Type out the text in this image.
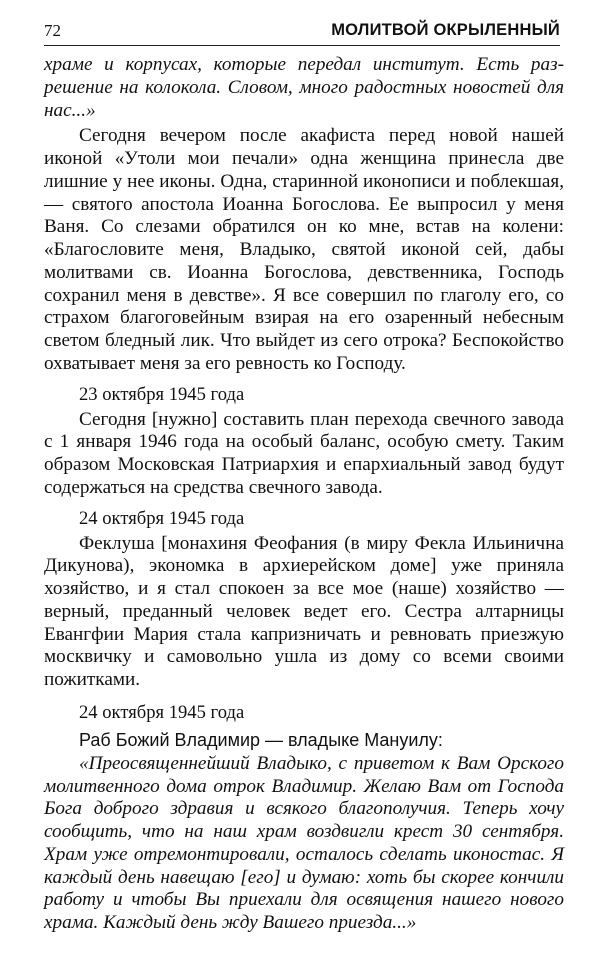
72	МОЛИТВОЙ ОКРЫЛЕННЫЙ

храме и корпусах, которые передал институт. Есть разрешение на колокола. Словом, много радостных новостей для нас...»

Сегодня вечером после акафиста перед новой нашей иконой «Утоли мои печали» одна женщина принесла две лишние у нее иконы. Одна, старинной иконописи и поблекшая, — святого апостола Иоанна Богослова. Ее выпросил у меня Ваня. Со слезами обратился он ко мне, встав на колени: «Благословите меня, Владыко, святой иконой сей, дабы молитвами св. Иоанна Богослова, девственника, Господь сохранил меня в девстве». Я все совершил по глаголу его, со страхом благоговейным взирая на его озаренный небесным светом бледный лик. Что выйдет из сего отрока? Беспокойство охватывает меня за его ревность ко Господу.

23 октября 1945 года

Сегодня [нужно] составить план перехода свечного завода с 1 января 1946 года на особый баланс, особую смету. Таким образом Московская Патриархия и епархиальный завод будут содержаться на средства свечного завода.

24 октября 1945 года

Феклуша [монахиня Феофания (в миру Фекла Ильинична Дикунова), экономка в архиерейском доме] уже приняла хозяйство, и я стал спокоен за все мое (наше) хозяйство — верный, преданный человек ведет его. Сестра алтарницы Евангфии Мария стала капризничать и ревновать приезжую москвичку и самовольно ушла из дому со всеми своими пожитками.

24 октября 1945 года

Раб Божий Владимир — владыке Мануилу:

«Преосвященнейший Владыко, с приветом к Вам Орского молитвенного дома отрок Владимир. Желаю Вам от Господа Бога доброго здравия и всякого благополучия. Теперь хочу сообщить, что на наш храм воздвигли крест 30 сентября. Храм уже отремонтировали, осталось сделать иконостас. Я каждый день навещаю [его] и думаю: хоть бы скорее кончили работу и чтобы Вы приехали для освящения нашего нового храма. Каждый день жду Вашего приезда...»
